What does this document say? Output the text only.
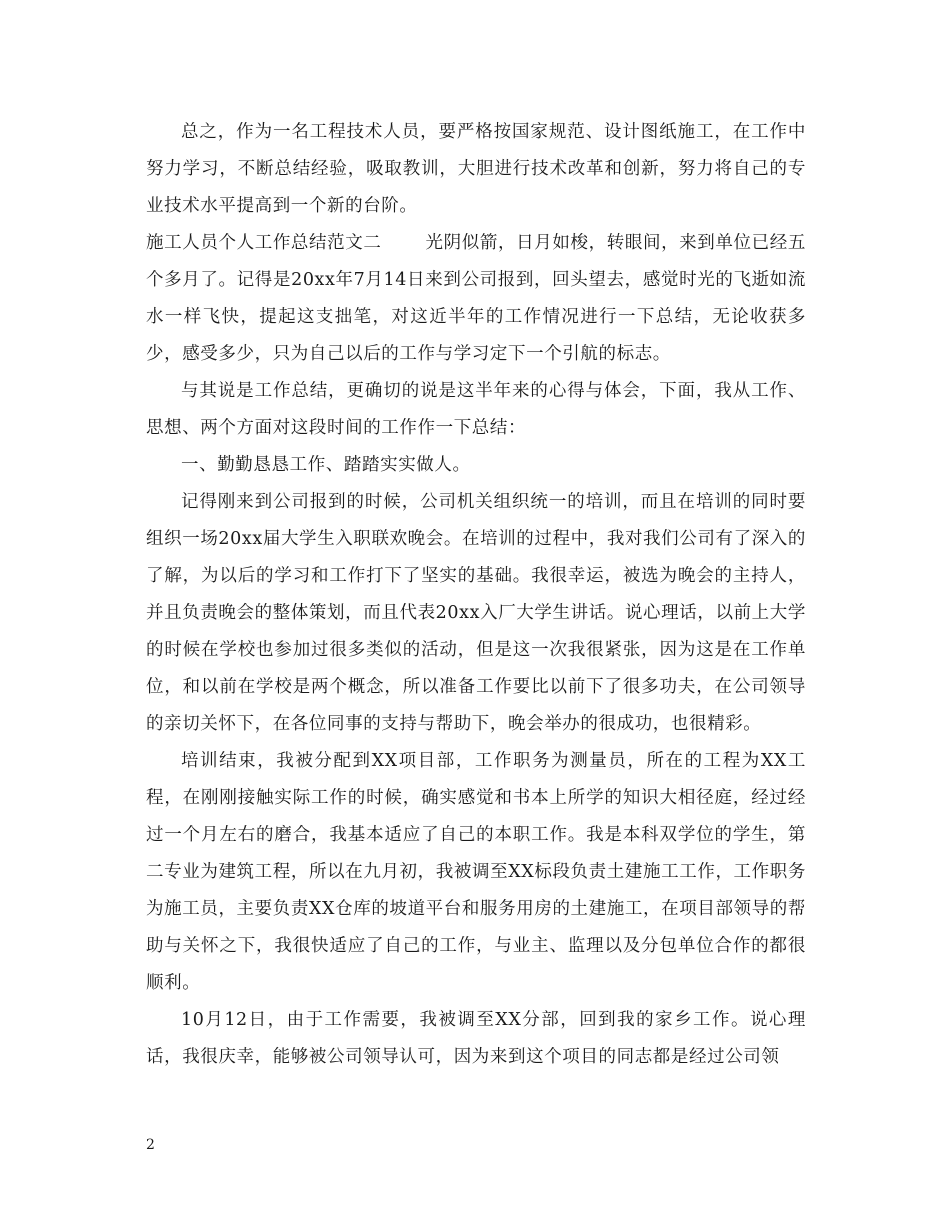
总之，作为一名工程技术人员，要严格按国家规范、设计图纸施工，在工作中努力学习，不断总结经验，吸取教训，大胆进行技术改革和创新，努力将自己的专业技术水平提高到一个新的台阶。

施工人员个人工作总结范文二	光阴似箭，日月如梭，转眼间，来到单位已经五个多月了。记得是20xx年7月14日来到公司报到，回头望去，感觉时光的飞逝如流水一样飞快，提起这支拙笔，对这近半年的工作情况进行一下总结，无论收获多少，感受多少，只为自己以后的工作与学习定下一个引航的标志。

与其说是工作总结，更确切的说是这半年来的心得与体会，下面，我从工作、思想、两个方面对这段时间的工作作一下总结：

一、勤勤恳恳工作、踏踏实实做人。

记得刚来到公司报到的时候，公司机关组织统一的培训，而且在培训的同时要组织一场20xx届大学生入职联欢晚会。在培训的过程中，我对我们公司有了深入的了解，为以后的学习和工作打下了坚实的基础。我很幸运，被选为晚会的主持人，并且负责晚会的整体策划，而且代表20xx入厂大学生讲话。说心理话，以前上大学的时候在学校也参加过很多类似的活动，但是这一次我很紧张，因为这是在工作单位，和以前在学校是两个概念，所以准备工作要比以前下了很多功夫，在公司领导的亲切关怀下，在各位同事的支持与帮助下，晚会举办的很成功，也很精彩。

培训结束，我被分配到XX项目部，工作职务为测量员，所在的工程为XX工程，在刚刚接触实际工作的时候，确实感觉和书本上所学的知识大相径庭，经过经过一个月左右的磨合，我基本适应了自己的本职工作。我是本科双学位的学生，第二专业为建筑工程，所以在九月初，我被调至XX标段负责土建施工工作，工作职务为施工员，主要负责XX仓库的坡道平台和服务用房的土建施工，在项目部领导的帮助与关怀之下，我很快适应了自己的工作，与业主、监理以及分包单位合作的都很顺利。

10月12日，由于工作需要，我被调至XX分部，回到我的家乡工作。说心理话，我很庆幸，能够被公司领导认可，因为来到这个项目的同志都是经过公司领

2
